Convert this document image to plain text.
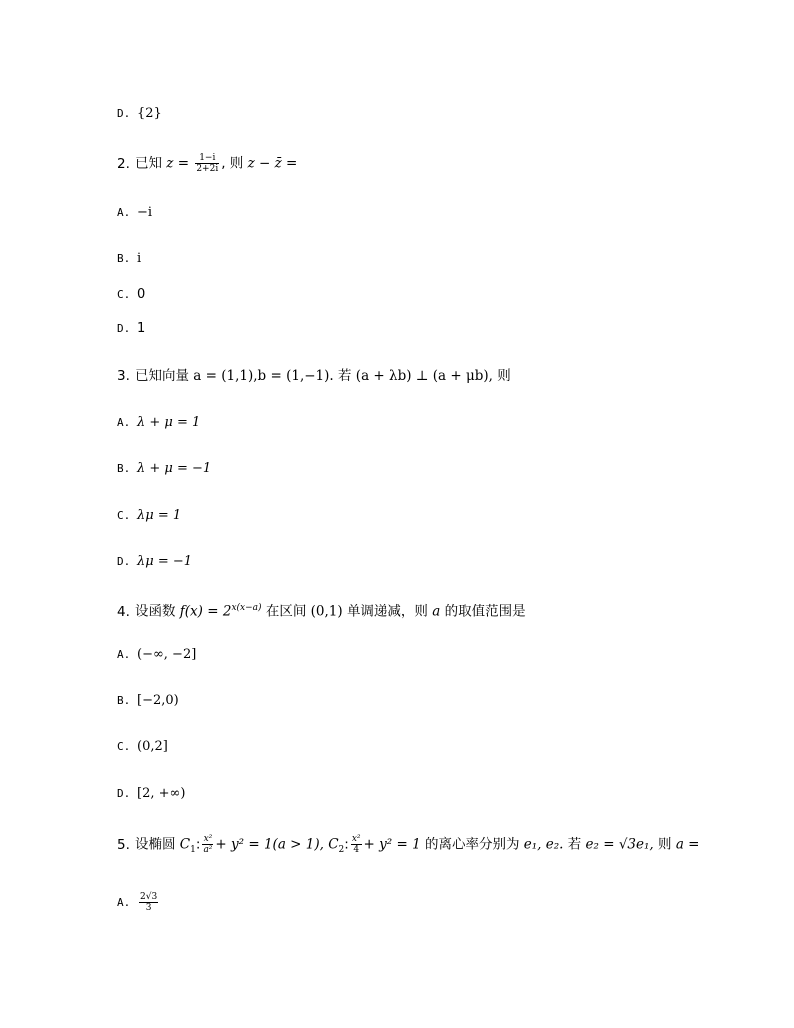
D. {2}
2. 已知 $z = \frac{1-i}{2+2i}$ , 则 z − z̄ =
A. −i
B. i
C. 0
D. 1
3. 已知向量 a = (1,1),b = (1,−1). 若 (a + λb) ⊥ (a + μb), 则
A. λ + μ = 1
B. λ + μ = −1
C. λμ = 1
D. λμ = −1
4. 设函数 $f(x) = 2^{x(x-a)}$ 在区间 (0,1) 单调递减，则 a 的取值范围是
A. (−∞, −2]
B. [−2,0)
C. (0,2]
D. [2, +∞)
5. 设椭圆 $C_1$: $\frac{\text{x²}}{\text{a²}} + y^2 = 1(a > 1)$, $C_2$: $\frac{\text{x²}}{4} + y^2 = 1$ 的离心率分别为 e₁, e₂. 若 e₂ = √3e₁, 则 a =
A. $\frac{2√3}{3}$
